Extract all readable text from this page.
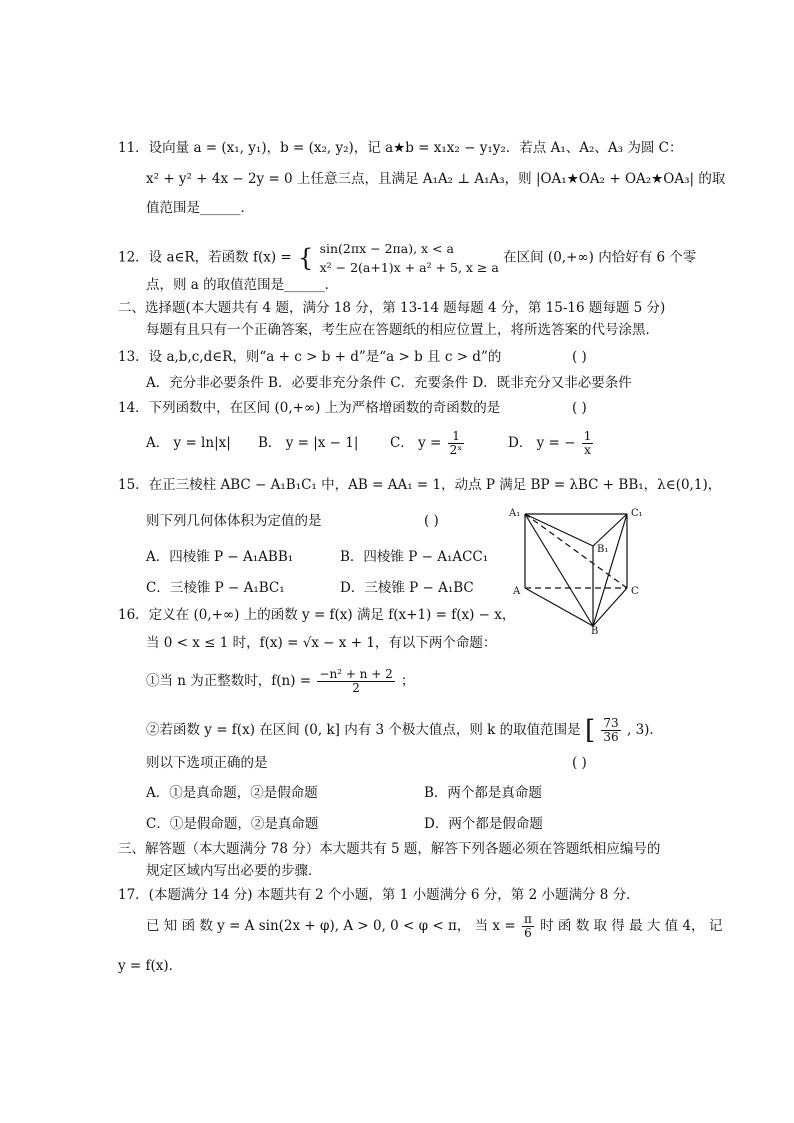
11．设向量 a = (x₁, y₁)，b = (x₂, y₂)，记 a★b = x₁x₂ − y₁y₂．若点 A₁、A₂、A₃ 为圆 C：
x² + y² + 4x − 2y = 0 上任意三点，且满足 A₁A₂ ⊥ A₁A₃，则 |OA₁★OA₂ + OA₂★OA₃| 的取
值范围是______．
12．设 a∈R，若函数 f(x) = { sin(2πx − 2πa), x < a
x² − 2(a+1)x + a² + 5, x ≥ a
在区间 (0,+∞) 内恰好有 6 个零
点，则 a 的取值范围是______．
二、选择题(本大题共有 4 题，满分 18 分，第 13-14 题每题 4 分，第 15-16 题每题 5 分)
每题有且只有一个正确答案，考生应在答题纸的相应位置上，将所选答案的代号涂黑．
13．设 a,b,c,d∈R，则“a + c > b + d”是“a > b 且 c > d”的	( )
A．充分非必要条件 B．必要非充分条件 C．充要条件 D．既非充分又非必要条件
14．下列函数中，在区间 (0,+∞) 上为严格增函数的奇函数的是	( )
A． y = ln|x| B． y = |x − 1| C． $y = \frac{1}{\text{2ˣ}}$	D． y = − $\frac{1}{x}$
15．在正三棱柱 ABC − A₁B₁C₁ 中，AB = AA₁ = 1，动点 P 满足 BP = λBC + BB₁，λ∈(0,1)，
则下列几何体体积为定值的是	( )
A．四棱锥 P − A₁ABB₁	B．四棱锥 P − A₁ACC₁
C．三棱锥 P − A₁BC₁	D．三棱锥 P − A₁BC
A₁	C₁
B₁
A	C
B
16．定义在 (0,+∞) 上的函数 y = f(x) 满足 f(x+1) = f(x) − x，
当 0 < x ≤ 1 时，f(x) = √x − x + 1，有以下两个命题：
①当 n 为正整数时，$f(n) = \frac{\text{−n² + n + 2}}{2}$ ；
②若函数 y = f(x) 在区间 (0, k] 内有 3 个极大值点，则 k 的取值范围是 [ $\frac{73}{36}$ , 3)．
则以下选项正确的是	( )
A．①是真命题，②是假命题	B．两个都是真命题
C．①是假命题，②是真命题	D．两个都是假命题
三、解答题（本大题满分 78 分）本大题共有 5 题，解答下列各题必须在答题纸相应编号的
规定区域内写出必要的步骤．
17．(本题满分 14 分) 本题共有 2 个小题，第 1 小题满分 6 分，第 2 小题满分 8 分．
已 知 函 数 y = A sin(2x + φ), A > 0, 0 < φ < π， 当 $x = \frac{\pi}{6}$ 时 函 数 取 得 最 大 值 4， 记
y = f(x)．
